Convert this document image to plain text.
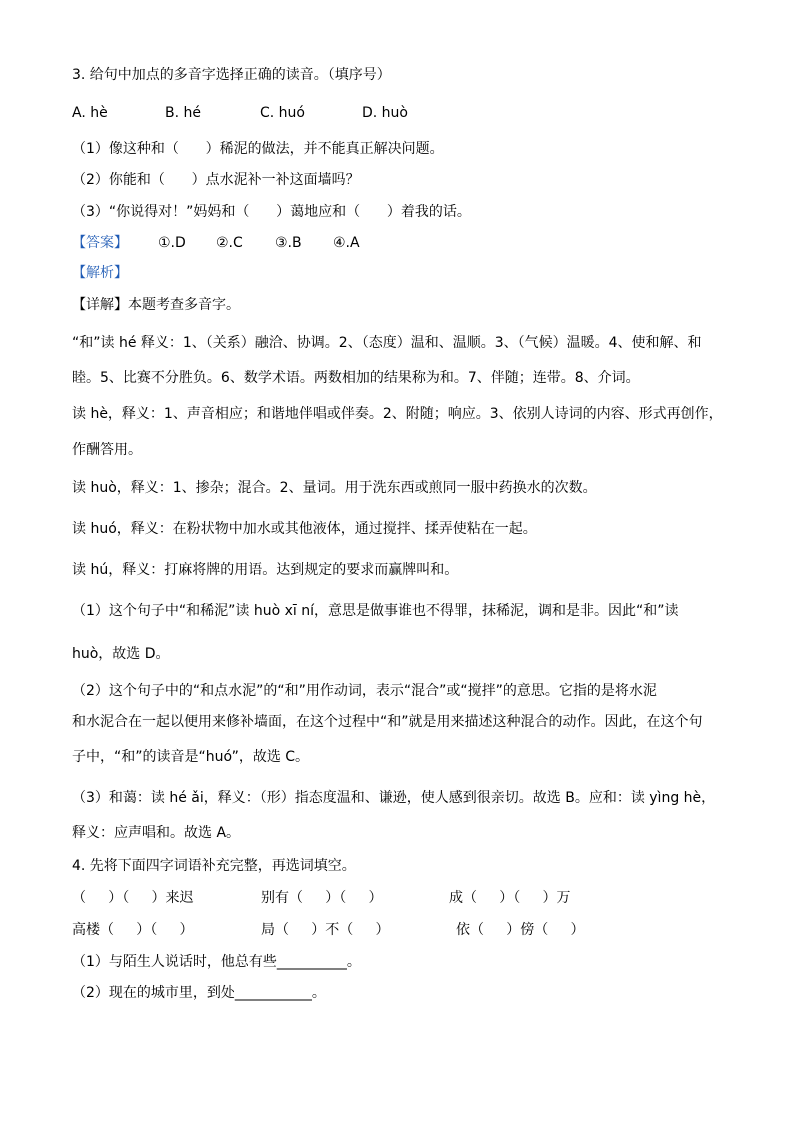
3. 给句中加点的多音字选择正确的读音。（填序号）
A. hè	B. hé	C. huó	D. huò
（1）像这种和（      ）稀泥的做法，并不能真正解决问题。
（2）你能和（      ）点水泥补一补这面墙吗？
（3）“你说得对！”妈妈和（      ）蔼地应和（      ）着我的话。
【答案】 ①.D ②.C ③.B ④.A
【解析】
【详解】本题考查多音字。
“和”读 hé 释义：1、（关系）融洽、协调。2、（态度）温和、温顺。3、（气候）温暖。4、使和解、和
睦。5、比赛不分胜负。6、数学术语。两数相加的结果称为和。7、伴随；连带。8、介词。
读 hè，释义：1、声音相应；和谐地伴唱或伴奏。2、附随；响应。3、依别人诗词的内容、形式再创作，
作酬答用。
读 huò，释义：1、掺杂；混合。2、量词。用于洗东西或煎同一服中药换水的次数。
读 huó，释义：在粉状物中加水或其他液体，通过搅拌、揉弄使粘在一起。
读 hú，释义：打麻将牌的用语。达到规定的要求而赢牌叫和。
（1）这个句子中“和稀泥”读 huò xī ní，意思是做事谁也不得罪，抹稀泥，调和是非。因此“和”读
huò，故选 D。
（2）这个句子中的“和点水泥”的“和”用作动词，表示“混合”或“搅拌”的意思。它指的是将水泥
和水泥合在一起以便用来修补墙面，在这个过程中“和”就是用来描述这种混合的动作。因此，在这个句
子中，“和”的读音是“huó”，故选 C。
（3）和蔼：读 hé ǎi，释义：（形）指态度温和、谦逊，使人感到很亲切。故选 B。应和：读 yìng hè，
释义：应声唱和。故选 A。
4. 先将下面四字词语补充完整，再选词填空。
（     ）（     ）来迟	别有（     ）（     ）	成（     ）（     ）万
高楼（     ）（     ）	局（     ）不（     ）	依（     ）傍（     ）
（1）与陌生人说话时，他总有些__________。
（2）现在的城市里，到处___________。
